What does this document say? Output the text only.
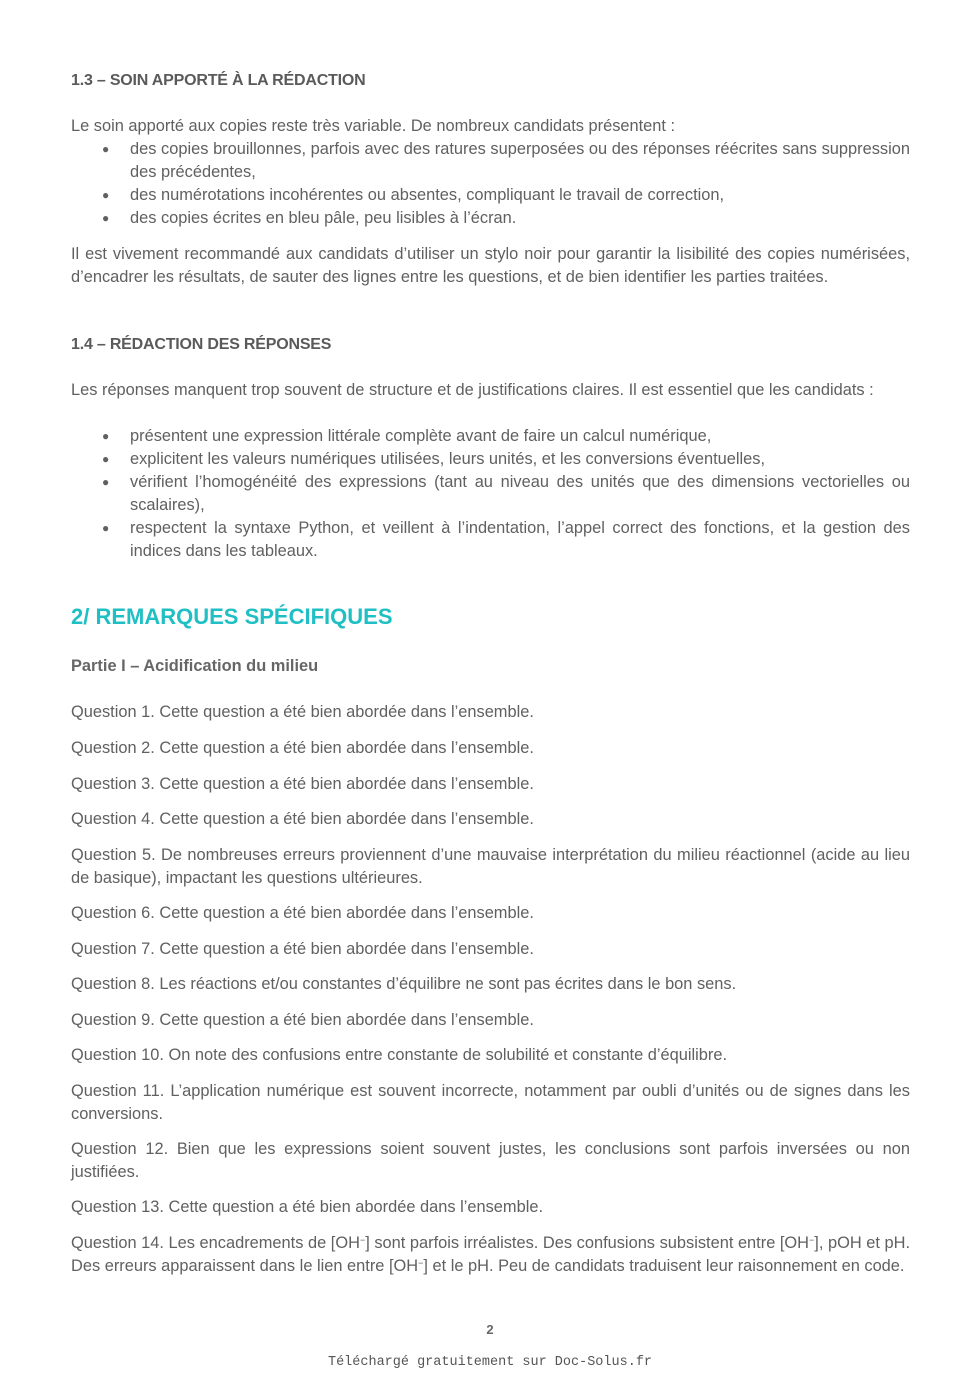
1.3 – SOIN APPORTÉ À LA RÉDACTION
Le soin apporté aux copies reste très variable. De nombreux candidats présentent :
● des copies brouillonnes, parfois avec des ratures superposées ou des réponses réécrites sans suppression des précédentes,
● des numérotations incohérentes ou absentes, compliquant le travail de correction,
● des copies écrites en bleu pâle, peu lisibles à l’écran.
Il est vivement recommandé aux candidats d’utiliser un stylo noir pour garantir la lisibilité des copies numérisées, d’encadrer les résultats, de sauter des lignes entre les questions, et de bien identifier les parties traitées.
1.4 – RÉDACTION DES RÉPONSES
Les réponses manquent trop souvent de structure et de justifications claires. Il est essentiel que les candidats :
● présentent une expression littérale complète avant de faire un calcul numérique,
● explicitent les valeurs numériques utilisées, leurs unités, et les conversions éventuelles,
● vérifient l’homogénéité des expressions (tant au niveau des unités que des dimensions vectorielles ou scalaires),
● respectent la syntaxe Python, et veillent à l’indentation, l’appel correct des fonctions, et la gestion des indices dans les tableaux.
2/ REMARQUES SPÉCIFIQUES
Partie I – Acidification du milieu
Question 1. Cette question a été bien abordée dans l’ensemble.
Question 2. Cette question a été bien abordée dans l’ensemble.
Question 3. Cette question a été bien abordée dans l’ensemble.
Question 4. Cette question a été bien abordée dans l’ensemble.
Question 5. De nombreuses erreurs proviennent d’une mauvaise interprétation du milieu réactionnel (acide au lieu de basique), impactant les questions ultérieures.
Question 6. Cette question a été bien abordée dans l’ensemble.
Question 7. Cette question a été bien abordée dans l’ensemble.
Question 8. Les réactions et/ou constantes d’équilibre ne sont pas écrites dans le bon sens.
Question 9. Cette question a été bien abordée dans l’ensemble.
Question 10. On note des confusions entre constante de solubilité et constante d’équilibre.
Question 11. L’application numérique est souvent incorrecte, notamment par oubli d’unités ou de signes dans les conversions.
Question 12. Bien que les expressions soient souvent justes, les conclusions sont parfois inversées ou non justifiées.
Question 13. Cette question a été bien abordée dans l’ensemble.
Question 14. Les encadrements de [OH−] sont parfois irréalistes. Des confusions subsistent entre [OH−], pOH et pH. Des erreurs apparaissent dans le lien entre [OH−] et le pH. Peu de candidats traduisent leur raisonnement en code.
2
Téléchargé gratuitement sur Doc-Solus.fr
